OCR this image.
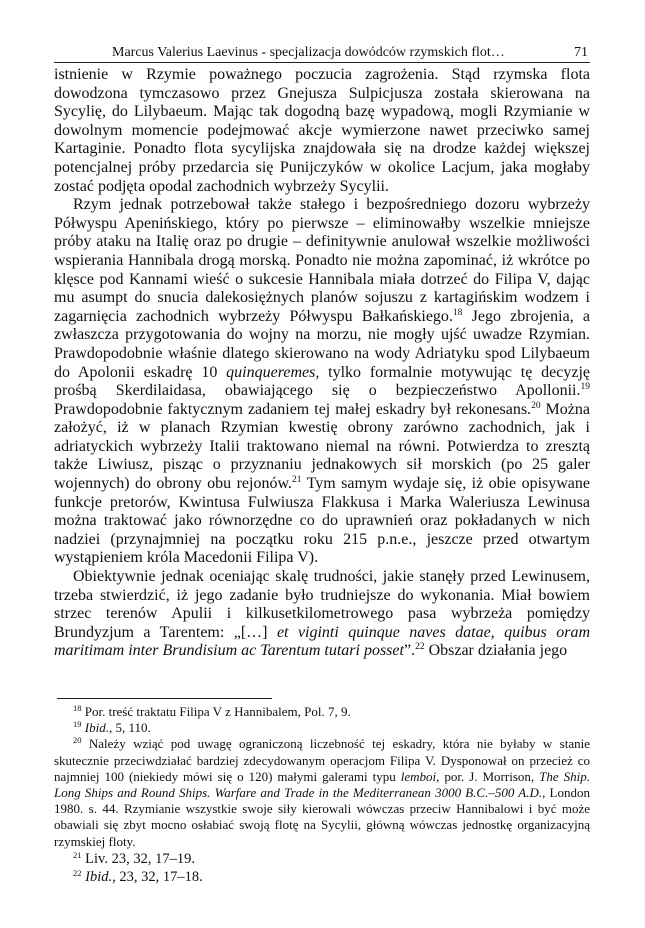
Marcus Valerius Laevinus - specjalizacja dowódców rzymskich flot…	71

istnienie w Rzymie poważnego poczucia zagrożenia. Stąd rzymska flota dowodzona tymczasowo przez Gnejusza Sulpicjusza została skierowana na Sycylię, do Lilybaeum. Mając tak dogodną bazę wypadową, mogli Rzymianie w dowolnym momencie podejmować akcje wymierzone nawet przeciwko samej Kartaginie. Ponadto flota sycylijska znajdowała się na drodze każdej większej potencjalnej próby przedarcia się Punijczyków w okolice Lacjum, jaka mogłaby zostać podjęta opodal zachodnich wybrzeży Sycylii.

Rzym jednak potrzebował także stałego i bezpośredniego dozoru wybrzeży Półwyspu Apenińskiego, który po pierwsze – eliminowałby wszelkie mniejsze próby ataku na Italię oraz po drugie – definitywnie anulował wszelkie możliwości wspierania Hannibala drogą morską. Ponadto nie można zapominać, iż wkrótce po klęsce pod Kannami wieść o sukcesie Hannibala miała dotrzeć do Filipa V, dając mu asumpt do snucia dalekosiężnych planów sojuszu z kartagińskim wodzem i zagarnięcia zachodnich wybrzeży Półwyspu Bałkańskiego.$^{18}$ Jego zbrojenia, a zwłaszcza przygotowania do wojny na morzu, nie mogły ujść uwadze Rzymian. Prawdopodobnie właśnie dlatego skierowano na wody Adriatyku spod Lilybaeum do Apolonii eskadrę 10 quinqueremes, tylko formalnie motywując tę decyzję prośbą Skerdilaidasa, obawiającego się o bezpieczeństwo Apollonii.$^{19}$ Prawdopodobnie faktycznym zadaniem tej małej eskadry był rekonesans.$^{20}$ Można założyć, iż w planach Rzymian kwestię obrony zarówno zachodnich, jak i adriatyckich wybrzeży Italii traktowano niemal na równi. Potwierdza to zresztą także Liwiusz, pisząc o przyznaniu jednakowych sił morskich (po 25 galer wojennych) do obrony obu rejonów.$^{21}$ Tym samym wydaje się, iż obie opisywane funkcje pretorów, Kwintusa Fulwiusza Flakkusa i Marka Waleriusza Lewinusa można traktować jako równorzędne co do uprawnień oraz pokładanych w nich nadziei (przynajmniej na początku roku 215 p.n.e., jeszcze przed otwartym wystąpieniem króla Macedonii Filipa V).

Obiektywnie jednak oceniając skalę trudności, jakie stanęły przed Lewinusem, trzeba stwierdzić, iż jego zadanie było trudniejsze do wykonania. Miał bowiem strzec terenów Apulii i kilkusetkilometrowego pasa wybrzeża pomiędzy Brundyzjum a Tarentem: „[…] et viginti quinque naves datae, quibus oram maritimam inter Brundisium ac Tarentum tutari posset”.$^{22}$ Obszar działania jego

$^{18}$ Por. treść traktatu Filipa V z Hannibalem, Pol. 7, 9.

$^{19}$ Ibid., 5, 110.

$^{20}$ Należy wziąć pod uwagę ograniczoną liczebność tej eskadry, która nie byłaby w stanie skutecznie przeciwdziałać bardziej zdecydowanym operacjom Filipa V. Dysponował on przecież co najmniej 100 (niekiedy mówi się o 120) małymi galerami typu lemboi, por. J. Morrison, The Ship. Long Ships and Round Ships. Warfare and Trade in the Mediterranean 3000 B.C.–500 A.D., London 1980. s. 44. Rzymianie wszystkie swoje siły kierowali wówczas przeciw Hannibalowi i być może obawiali się zbyt mocno osłabiać swoją flotę na Sycylii, główną wówczas jednostkę organizacyjną rzymskiej floty.

$^{21}$ Liv. 23, 32, 17–19.

$^{22}$ Ibid., 23, 32, 17–18.
